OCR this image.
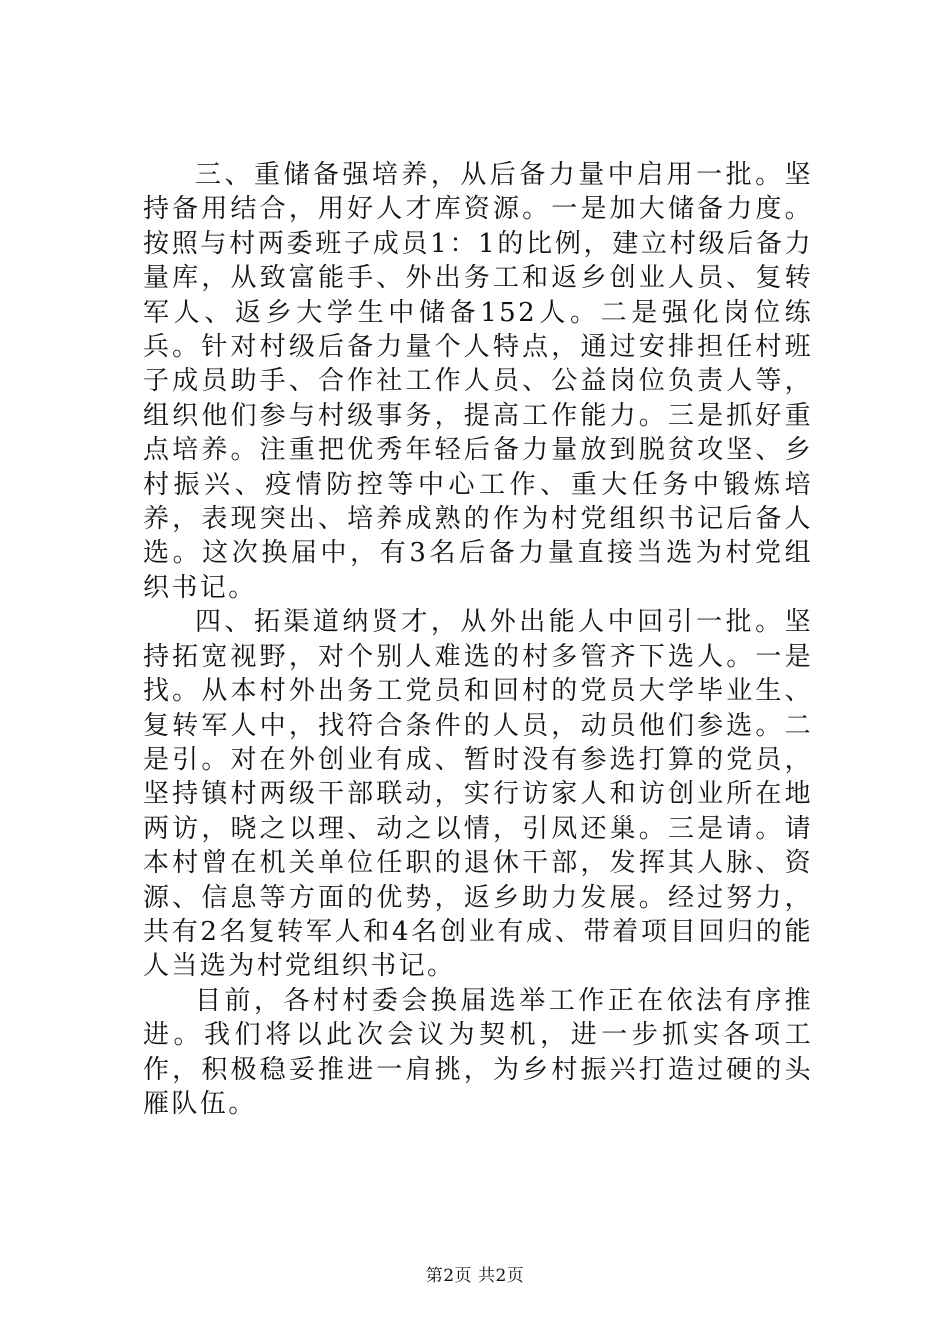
三、重储备强培养，从后备力量中启用一批。坚持备用结合，用好人才库资源。一是加大储备力度。按照与村两委班子成员1：1的比例，建立村级后备力量库，从致富能手、外出务工和返乡创业人员、复转军人、返乡大学生中储备152人。二是强化岗位练兵。针对村级后备力量个人特点，通过安排担任村班子成员助手、合作社工作人员、公益岗位负责人等，组织他们参与村级事务，提高工作能力。三是抓好重点培养。注重把优秀年轻后备力量放到脱贫攻坚、乡村振兴、疫情防控等中心工作、重大任务中锻炼培养，表现突出、培养成熟的作为村党组织书记后备人选。这次换届中，有3名后备力量直接当选为村党组织书记。

四、拓渠道纳贤才，从外出能人中回引一批。坚持拓宽视野，对个别人难选的村多管齐下选人。一是找。从本村外出务工党员和回村的党员大学毕业生、复转军人中，找符合条件的人员，动员他们参选。二是引。对在外创业有成、暂时没有参选打算的党员，坚持镇村两级干部联动，实行访家人和访创业所在地两访，晓之以理、动之以情，引凤还巢。三是请。请本村曾在机关单位任职的退休干部，发挥其人脉、资源、信息等方面的优势，返乡助力发展。经过努力，共有2名复转军人和4名创业有成、带着项目回归的能人当选为村党组织书记。

目前，各村村委会换届选举工作正在依法有序推进。我们将以此次会议为契机，进一步抓实各项工作，积极稳妥推进一肩挑，为乡村振兴打造过硬的头雁队伍。

第2页 共2页
